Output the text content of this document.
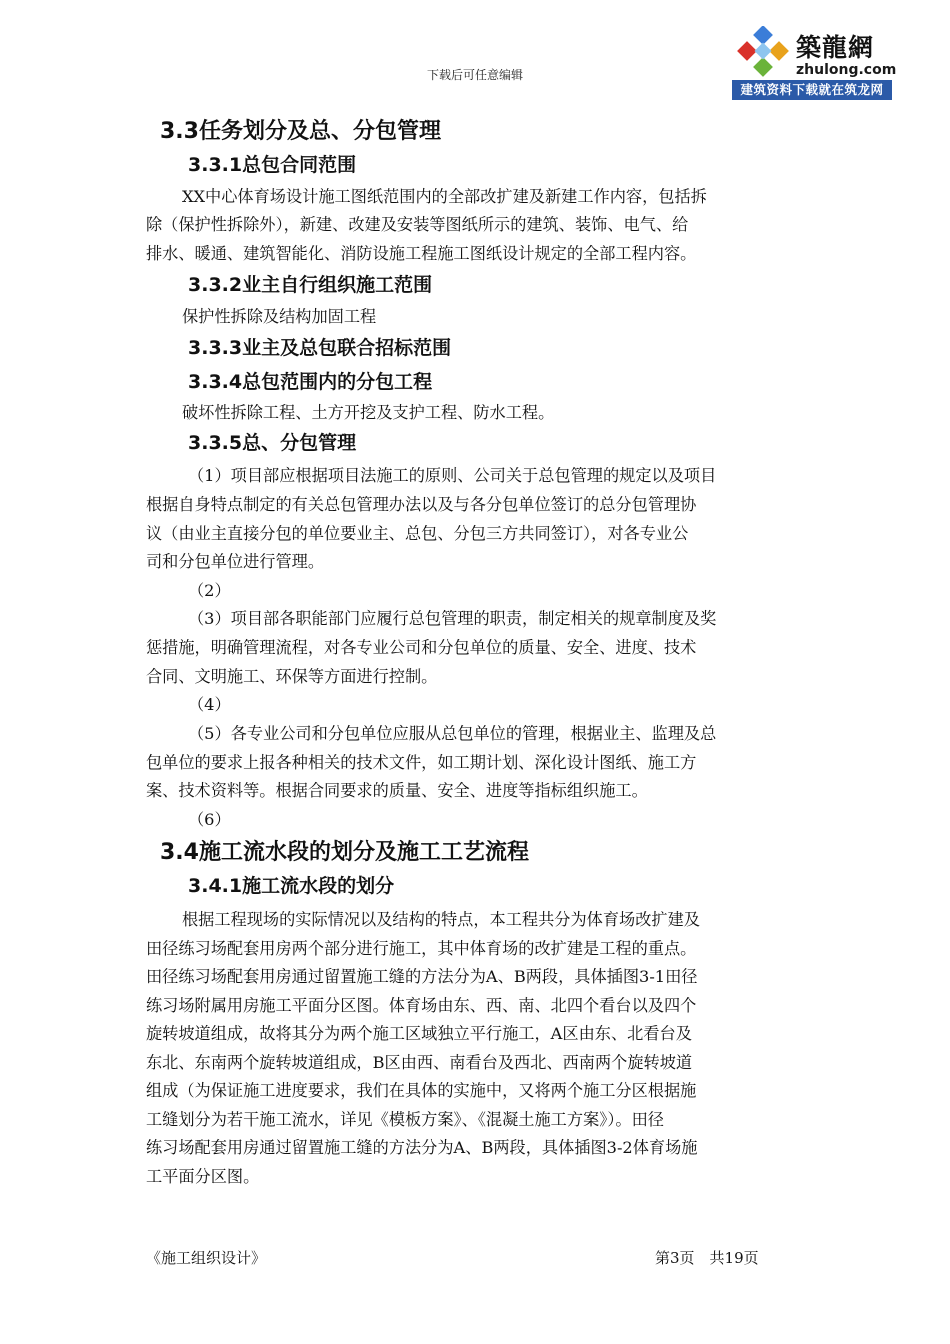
下载后可任意编辑
築龍網
zhulong.com
建筑资料下载就在筑龙网
3.3任务划分及总、分包管理
3.3.1总包合同范围
XX中心体育场设计施工图纸范围内的全部改扩建及新建工作内容，包括拆
除（保护性拆除外），新建、改建及安装等图纸所示的建筑、装饰、电气、给
排水、暖通、建筑智能化、消防设施工程施工图纸设计规定的全部工程内容。
3.3.2业主自行组织施工范围
保护性拆除及结构加固工程
3.3.3业主及总包联合招标范围
3.3.4总包范围内的分包工程
破坏性拆除工程、土方开挖及支护工程、防水工程。
3.3.5总、分包管理
（1）项目部应根据项目法施工的原则、公司关于总包管理的规定以及项目
根据自身特点制定的有关总包管理办法以及与各分包单位签订的总分包管理协
议（由业主直接分包的单位要业主、总包、分包三方共同签订），对各专业公
司和分包单位进行管理。
（2）
（3）项目部各职能部门应履行总包管理的职责，制定相关的规章制度及奖
惩措施，明确管理流程，对各专业公司和分包单位的质量、安全、进度、技术
合同、文明施工、环保等方面进行控制。
（4）
（5）各专业公司和分包单位应服从总包单位的管理，根据业主、监理及总
包单位的要求上报各种相关的技术文件，如工期计划、深化设计图纸、施工方
案、技术资料等。根据合同要求的质量、安全、进度等指标组织施工。
（6）
3.4施工流水段的划分及施工工艺流程
3.4.1施工流水段的划分
根据工程现场的实际情况以及结构的特点，本工程共分为体育场改扩建及
田径练习场配套用房两个部分进行施工，其中体育场的改扩建是工程的重点。
田径练习场配套用房通过留置施工缝的方法分为A、B两段，具体插图3-1田径
练习场附属用房施工平面分区图。体育场由东、西、南、北四个看台以及四个
旋转坡道组成，故将其分为两个施工区域独立平行施工，A区由东、北看台及
东北、东南两个旋转坡道组成，B区由西、南看台及西北、西南两个旋转坡道
组成（为保证施工进度要求，我们在具体的实施中，又将两个施工分区根据施
工缝划分为若干施工流水，详见《模板方案》、《混凝土施工方案》）。田径
练习场配套用房通过留置施工缝的方法分为A、B两段，具体插图3-2体育场施
工平面分区图。
《施工组织设计》	第3页　共19页
